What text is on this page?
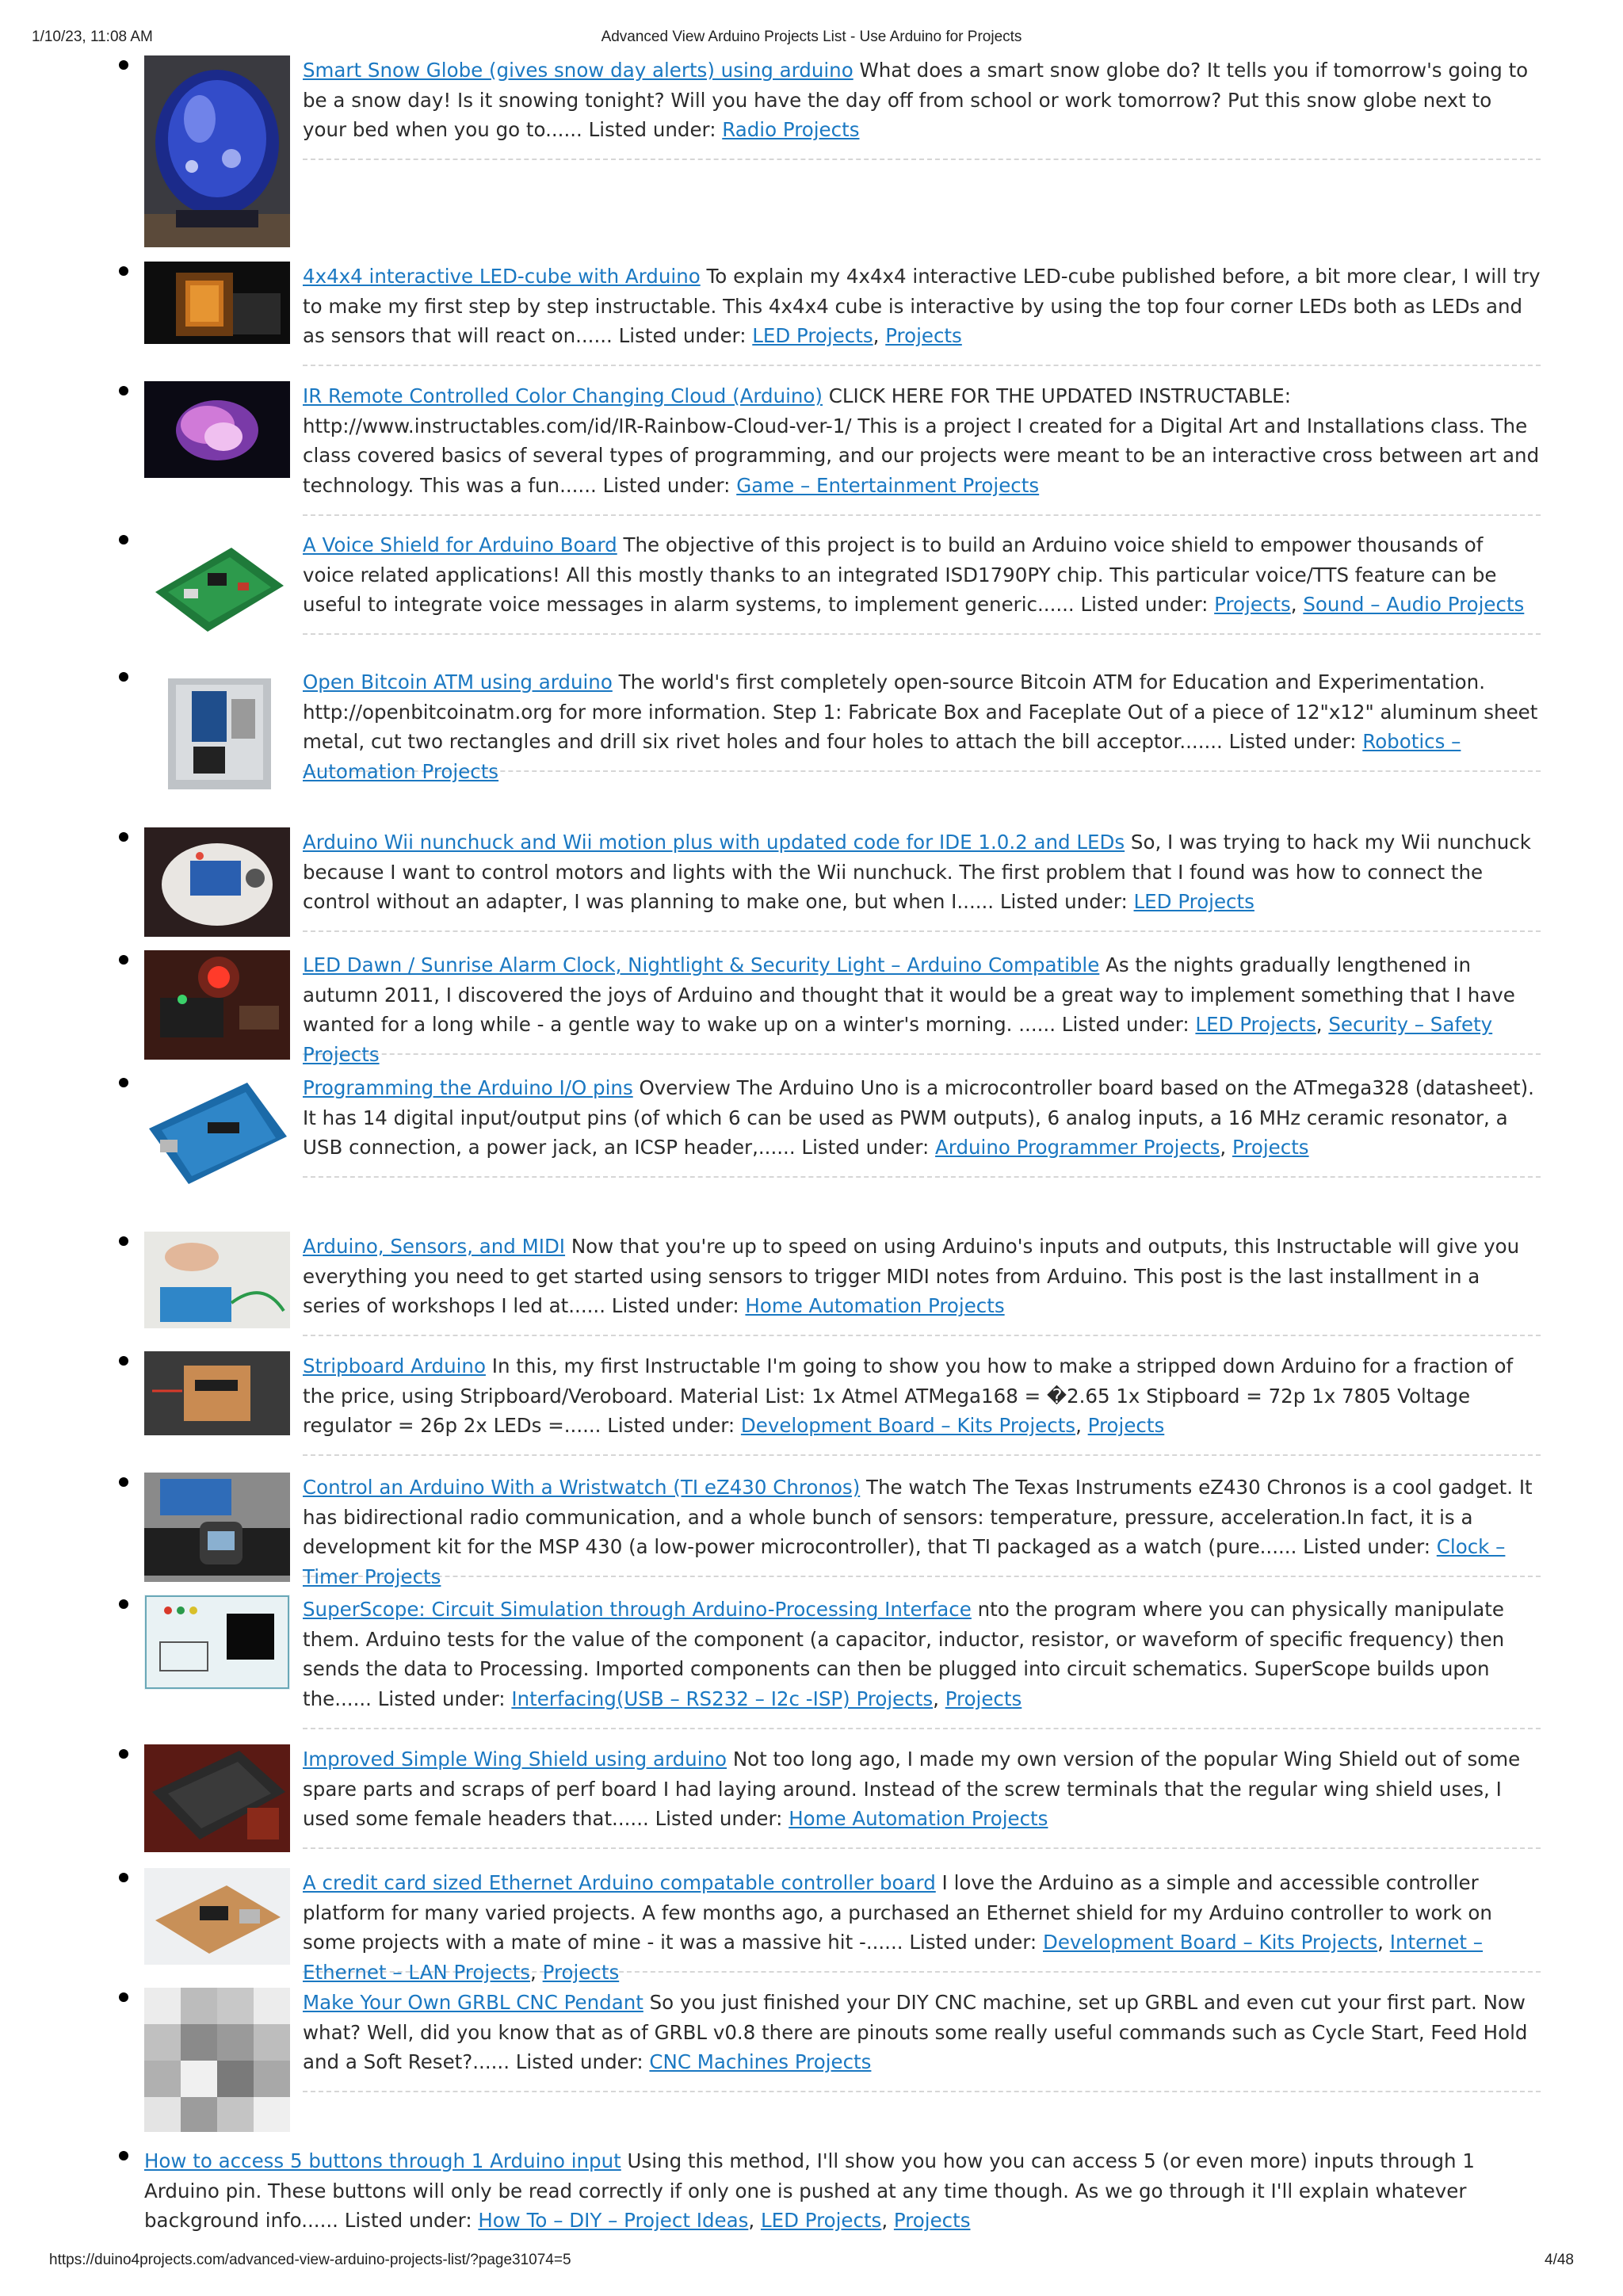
1/10/23, 11:08 AM	Advanced View Arduino Projects List - Use Arduino for Projects
Smart Snow Globe (gives snow day alerts) using arduino What does a smart snow globe do? It tells you if tomorrow's going to be a snow day! Is it snowing tonight? Will you have the day off from school or work tomorrow? Put this snow globe next to your bed when you go to...... Listed under: Radio Projects
4x4x4 interactive LED-cube with Arduino To explain my 4x4x4 interactive LED-cube published before, a bit more clear, I will try to make my first step by step instructable. This 4x4x4 cube is interactive by using the top four corner LEDs both as LEDs and as sensors that will react on...... Listed under: LED Projects, Projects
IR Remote Controlled Color Changing Cloud (Arduino) CLICK HERE FOR THE UPDATED INSTRUCTABLE: http://www.instructables.com/id/IR-Rainbow-Cloud-ver-1/ This is a project I created for a Digital Art and Installations class. The class covered basics of several types of programming, and our projects were meant to be an interactive cross between art and technology. This was a fun...... Listed under: Game – Entertainment Projects
A Voice Shield for Arduino Board The objective of this project is to build an Arduino voice shield to empower thousands of voice related applications! All this mostly thanks to an integrated ISD1790PY chip. This particular voice/TTS feature can be useful to integrate voice messages in alarm systems, to implement generic...... Listed under: Projects, Sound – Audio Projects
Open Bitcoin ATM using arduino The world's first completely open-source Bitcoin ATM for Education and Experimentation. http://openbitcoinatm.org for more information. Step 1: Fabricate Box and Faceplate Out of a piece of 12"x12" aluminum sheet metal, cut two rectangles and drill six rivet holes and four holes to attach the bill acceptor....... Listed under: Robotics – Automation Projects
Arduino Wii nunchuck and Wii motion plus with updated code for IDE 1.0.2 and LEDs So, I was trying to hack my Wii nunchuck because I want to control motors and lights with the Wii nunchuck. The first problem that I found was how to connect the control without an adapter, I was planning to make one, but when I...... Listed under: LED Projects
LED Dawn / Sunrise Alarm Clock, Nightlight & Security Light – Arduino Compatible As the nights gradually lengthened in autumn 2011, I discovered the joys of Arduino and thought that it would be a great way to implement something that I have wanted for a long while - a gentle way to wake up on a winter's morning. ...... Listed under: LED Projects, Security – Safety Projects
Programming the Arduino I/O pins Overview The Arduino Uno is a microcontroller board based on the ATmega328 (datasheet). It has 14 digital input/output pins (of which 6 can be used as PWM outputs), 6 analog inputs, a 16 MHz ceramic resonator, a USB connection, a power jack, an ICSP header,...... Listed under: Arduino Programmer Projects, Projects
Arduino, Sensors, and MIDI Now that you're up to speed on using Arduino's inputs and outputs, this Instructable will give you everything you need to get started using sensors to trigger MIDI notes from Arduino. This post is the last installment in a series of workshops I led at...... Listed under: Home Automation Projects
Stripboard Arduino In this, my first Instructable I'm going to show you how to make a stripped down Arduino for a fraction of the price, using Stripboard/Veroboard. Material List: 1x Atmel ATMega168 = �2.65 1x Stipboard = 72p 1x 7805 Voltage regulator = 26p 2x LEDs =...... Listed under: Development Board – Kits Projects, Projects
Control an Arduino With a Wristwatch (TI eZ430 Chronos) The watch The Texas Instruments eZ430 Chronos is a cool gadget. It has bidirectional radio communication, and a whole bunch of sensors: temperature, pressure, acceleration.In fact, it is a development kit for the MSP 430 (a low-power microcontroller), that TI packaged as a watch (pure...... Listed under: Clock – Timer Projects
SuperScope: Circuit Simulation through Arduino-Processing Interface nto the program where you can physically manipulate them. Arduino tests for the value of the component (a capacitor, inductor, resistor, or waveform of specific frequency) then sends the data to Processing. Imported components can then be plugged into circuit schematics. SuperScope builds upon the...... Listed under: Interfacing(USB – RS232 – I2c -ISP) Projects, Projects
Improved Simple Wing Shield using arduino Not too long ago, I made my own version of the popular Wing Shield out of some spare parts and scraps of perf board I had laying around. Instead of the screw terminals that the regular wing shield uses, I used some female headers that...... Listed under: Home Automation Projects
A credit card sized Ethernet Arduino compatable controller board I love the Arduino as a simple and accessible controller platform for many varied projects. A few months ago, a purchased an Ethernet shield for my Arduino controller to work on some projects with a mate of mine - it was a massive hit -...... Listed under: Development Board – Kits Projects, Internet – Ethernet – LAN Projects, Projects
Make Your Own GRBL CNC Pendant So you just finished your DIY CNC machine, set up GRBL and even cut your first part. Now what? Well, did you know that as of GRBL v0.8 there are pinouts some really useful commands such as Cycle Start, Feed Hold and a Soft Reset?...... Listed under: CNC Machines Projects
How to access 5 buttons through 1 Arduino input Using this method, I'll show you how you can access 5 (or even more) inputs through 1 Arduino pin. These buttons will only be read correctly if only one is pushed at any time though. As we go through it I'll explain whatever background info...... Listed under: How To – DIY – Project Ideas, LED Projects, Projects
https://duino4projects.com/advanced-view-arduino-projects-list/?page31074=5	4/48
